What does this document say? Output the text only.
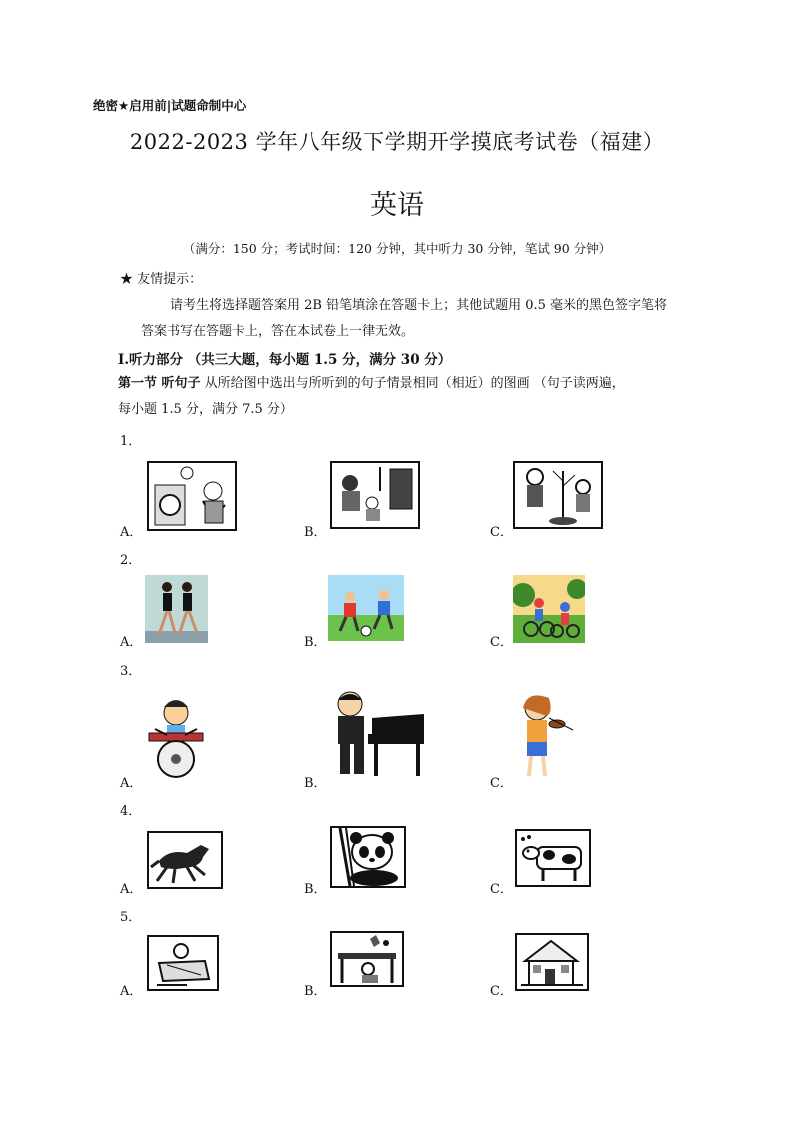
绝密★启用前|试题命制中心
2022-2023 学年八年级下学期开学摸底考试卷（福建）
英语
（满分：150 分；考试时间：120 分钟，其中听力 30 分钟，笔试 90 分钟）
★ 友情提示：
请考生将选择题答案用 2B 铅笔填涂在答题卡上；其他试题用 0.5 毫米的黑色签字笔将
答案书写在答题卡上，答在本试卷上一律无效。
I.听力部分 （共三大题，每小题 1.5 分，满分 30 分）
第一节 听句子 从所给图中选出与所听到的句子情景相同（相近）的图画 （句子读两遍，
每小题 1.5 分，满分 7.5 分）
1．
A．	B．	C．
2．
A．	B．	C．
3．
A．	B．	C．
4．
A．	B．	C．
5．
A．	B．	C．
